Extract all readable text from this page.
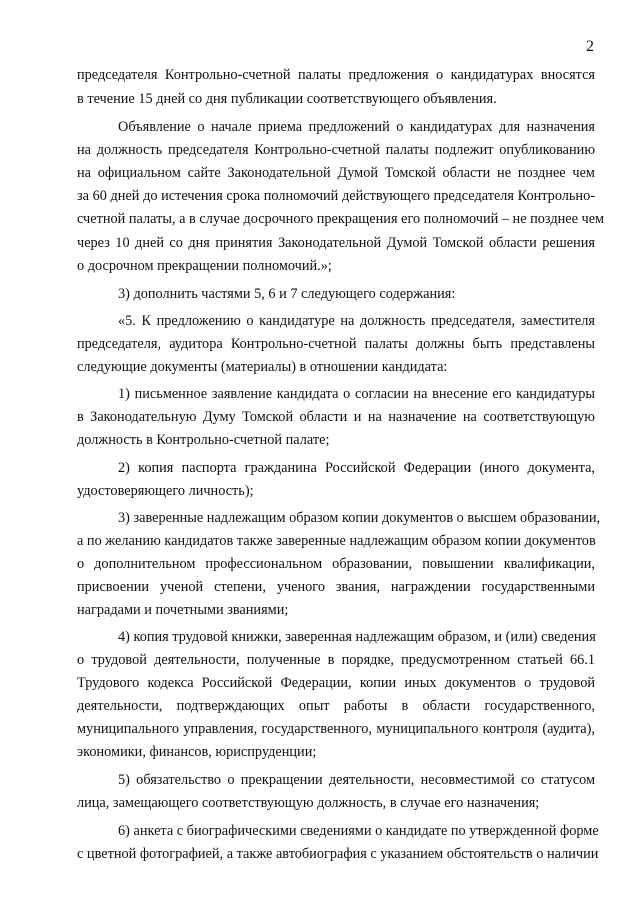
2

председателя Контрольно-счетной палаты предложения о кандидатурах вносятся

в течение 15 дней со дня публикации соответствующего объявления.

Объявление о начале приема предложений о кандидатурах для назначения

на должность председателя Контрольно-счетной палаты подлежит опубликованию

на официальном сайте Законодательной Думой Томской области не позднее чем

за 60 дней до истечения срока полномочий действующего председателя Контрольно-

счетной палаты, а в случае досрочного прекращения его полномочий – не позднее чем

через 10 дней со дня принятия Законодательной Думой Томской области решения

о досрочном прекращении полномочий.»;

3) дополнить частями 5, 6 и 7 следующего содержания:

«5. К предложению о кандидатуре на должность председателя, заместителя

председателя, аудитора Контрольно-счетной палаты должны быть представлены

следующие документы (материалы) в отношении кандидата:

1) письменное заявление кандидата о согласии на внесение его кандидатуры

в Законодательную Думу Томской области и на назначение на соответствующую

должность в Контрольно-счетной палате;

2) копия паспорта гражданина Российской Федерации (иного документа,

удостоверяющего личность);

3) заверенные надлежащим образом копии документов о высшем образовании,

а по желанию кандидатов также заверенные надлежащим образом копии документов

о дополнительном профессиональном образовании, повышении квалификации,

присвоении ученой степени, ученого звания, награждении государственными

наградами и почетными званиями;

4) копия трудовой книжки, заверенная надлежащим образом, и (или) сведения

о трудовой деятельности, полученные в порядке, предусмотренном статьей 66.1

Трудового кодекса Российской Федерации, копии иных документов о трудовой

деятельности, подтверждающих опыт работы в области государственного,

муниципального управления, государственного, муниципального контроля (аудита),

экономики, финансов, юриспруденции;

5) обязательство о прекращении деятельности, несовместимой со статусом

лица, замещающего соответствующую должность, в случае его назначения;

6) анкета с биографическими сведениями о кандидате по утвержденной форме

с цветной фотографией, а также автобиография с указанием обстоятельств о наличии
